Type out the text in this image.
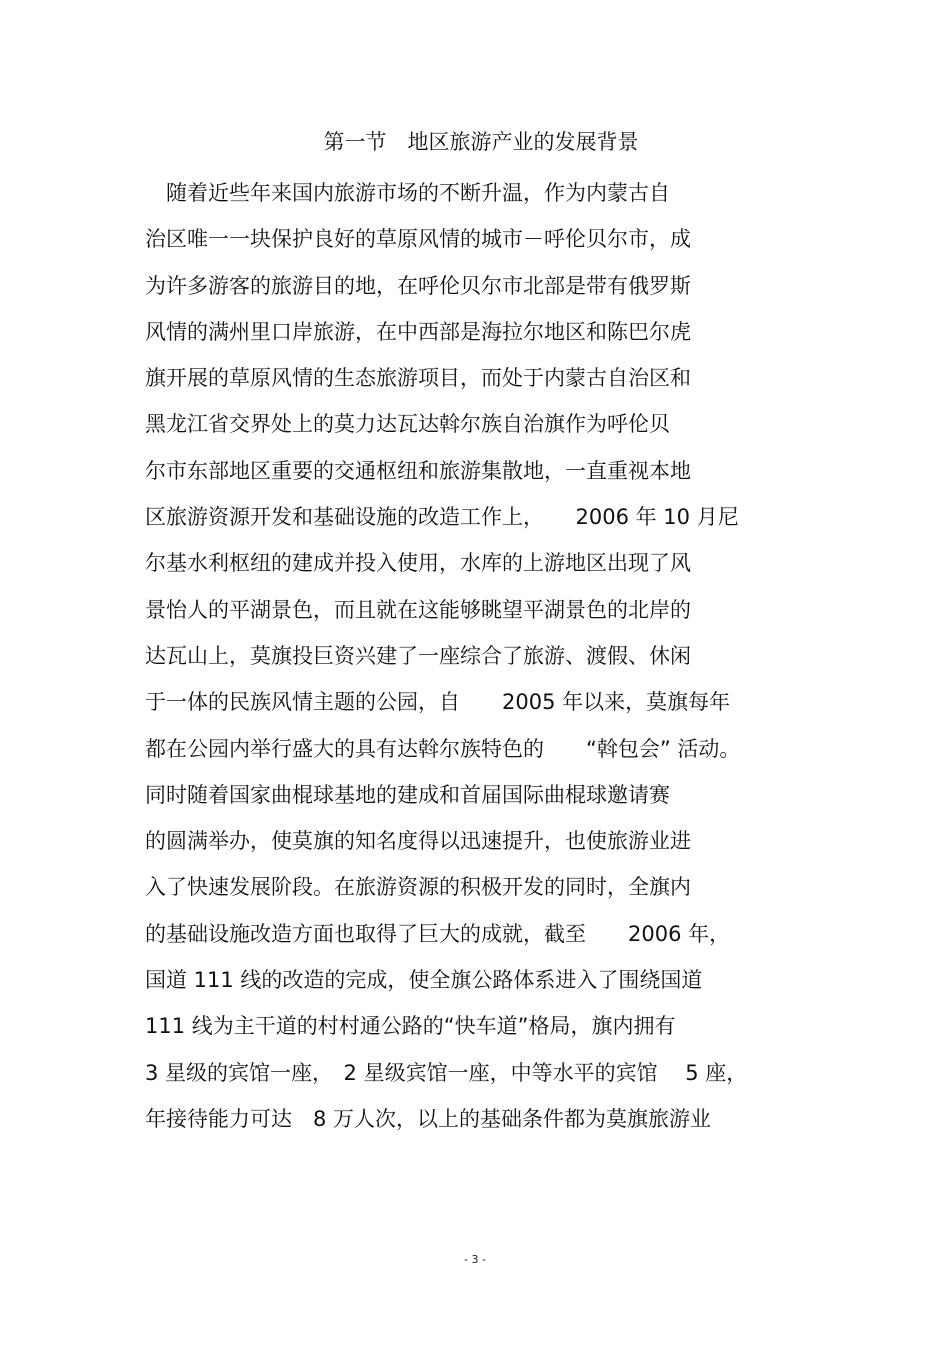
第一节　地区旅游产业的发展背景
　随着近些年来国内旅游市场的不断升温，作为内蒙古自
治区唯一一块保护良好的草原风情的城市－呼伦贝尔市，成
为许多游客的旅游目的地，在呼伦贝尔市北部是带有俄罗斯
风情的满州里口岸旅游，在中西部是海拉尔地区和陈巴尔虎
旗开展的草原风情的生态旅游项目，而处于内蒙古自治区和
黑龙江省交界处上的莫力达瓦达斡尔族自治旗作为呼伦贝
尔市东部地区重要的交通枢纽和旅游集散地，一直重视本地
区旅游资源开发和基础设施的改造工作上，　　2006 年 10 月尼
尔基水利枢纽的建成并投入使用，水库的上游地区出现了风
景怡人的平湖景色，而且就在这能够眺望平湖景色的北岸的
达瓦山上，莫旗投巨资兴建了一座综合了旅游、渡假、休闲
于一体的民族风情主题的公园，自　　2005 年以来，莫旗每年
都在公园内举行盛大的具有达斡尔族特色的　　“斡包会” 活动。
同时随着国家曲棍球基地的建成和首届国际曲棍球邀请赛
的圆满举办，使莫旗的知名度得以迅速提升，也使旅游业进
入了快速发展阶段。在旅游资源的积极开发的同时，全旗内
的基础设施改造方面也取得了巨大的成就，截至　　2006 年，
国道 111 线的改造的完成，使全旗公路体系进入了围绕国道
111 线为主干道的村村通公路的“快车道”格局，旗内拥有
3 星级的宾馆一座，　2 星级宾馆一座，中等水平的宾馆　 5 座，
年接待能力可达　8 万人次，以上的基础条件都为莫旗旅游业
- 3 -
